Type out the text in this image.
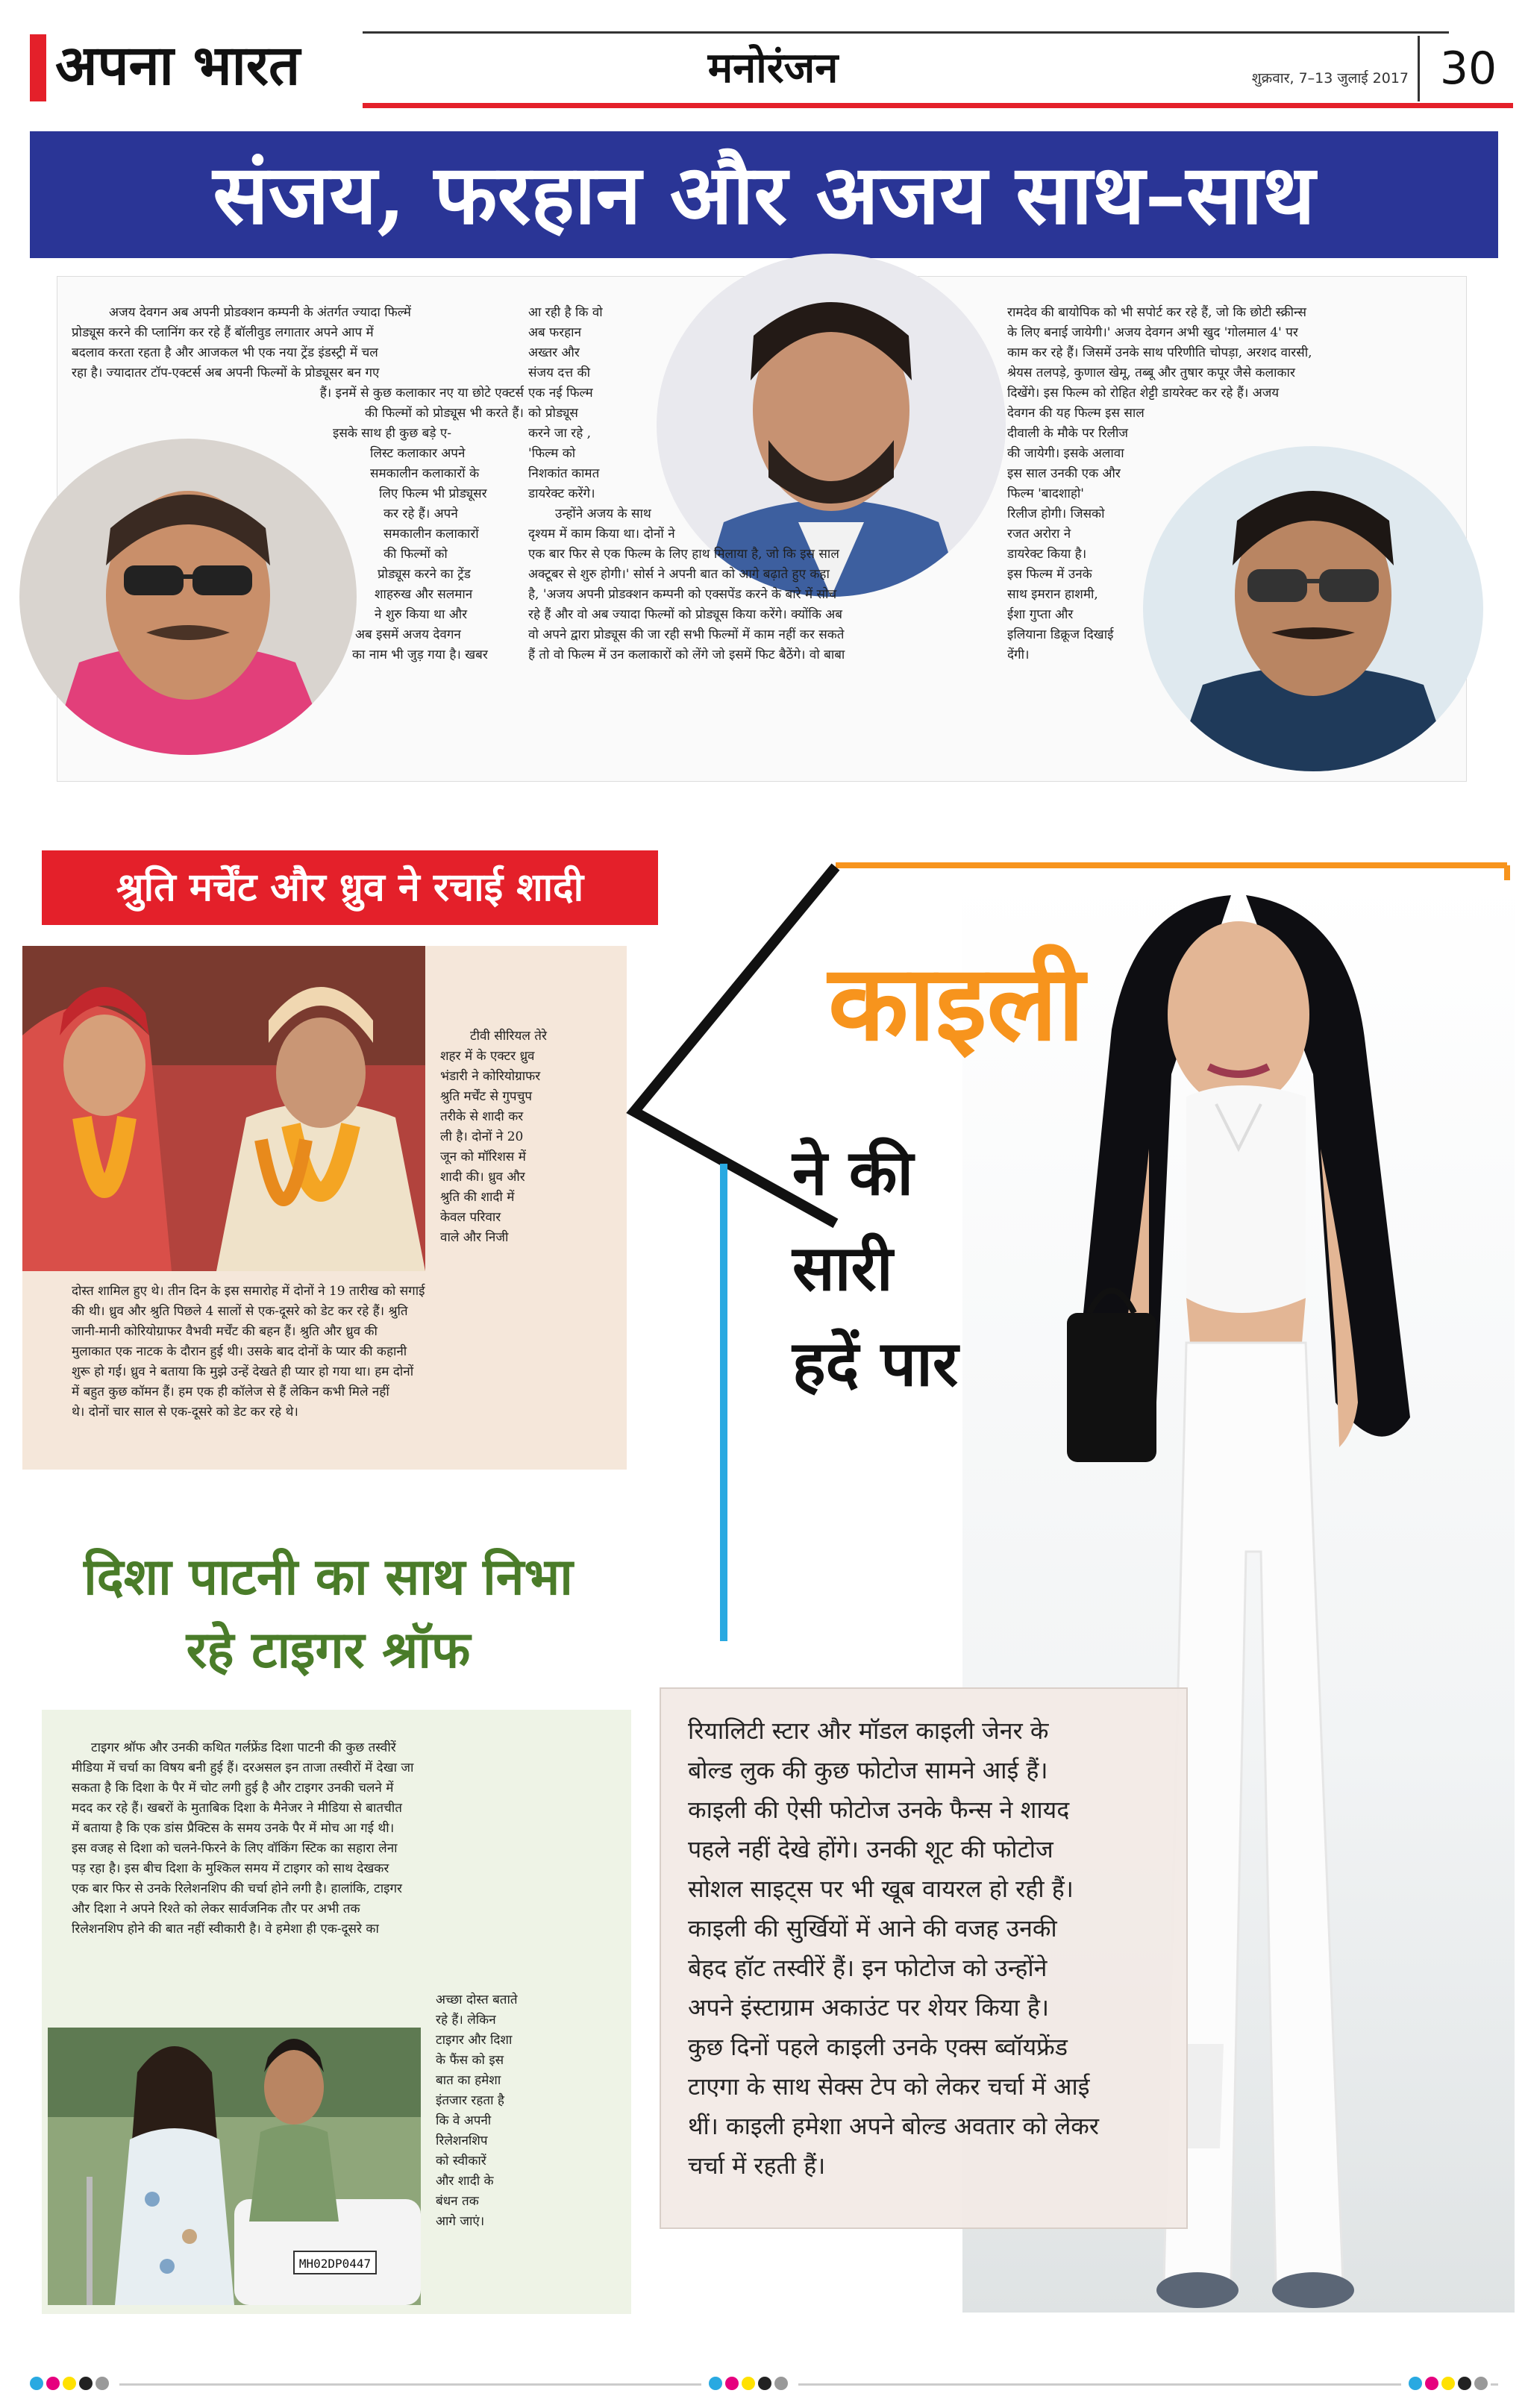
अपना भारत	मनोरंजन	शुक्रवार, 7–13 जुलाई 2017 30
संजय, फरहान और अजय साथ–साथ
अजय देवगन अब अपनी प्रोडक्शन कम्पनी के अंतर्गत ज्यादा फिल्में
प्रोड्यूस करने की प्लानिंग कर रहे हैं बॉलीवुड लगातार अपने आप में
बदलाव करता रहता है और आजकल भी एक नया ट्रेंड इंडस्ट्री में चल
रहा है। ज्यादातर टॉप-एक्टर्स अब अपनी फिल्मों के प्रोड्यूसर बन गए
हैं। इनमें से कुछ कलाकार नए या छोटे एक्टर्स
की फिल्मों को प्रोड्यूस भी करते हैं।
इसके साथ ही कुछ बड़े ए-
लिस्ट कलाकार अपने
समकालीन कलाकारों के
लिए फिल्म भी प्रोड्यूसर
कर रहे हैं। अपने
समकालीन कलाकारों
की फिल्मों को
प्रोड्यूस करने का ट्रेंड
शाहरुख और सलमान
ने शुरु किया था और
अब इसमें अजय देवगन
का नाम भी जुड़ गया है। खबर
आ रही है कि वो
अब फरहान
अख्तर और
संजय दत्त की
एक नई फिल्म
को प्रोड्यूस
करने जा रहे ,
'फिल्म को
निशकांत कामत
डायरेक्ट करेंगे।
उन्होंने अजय के साथ
दृश्यम में काम किया था। दोनों ने
एक बार फिर से एक फिल्म के लिए हाथ मिलाया है, जो कि इस साल
अक्टूबर से शुरु होगी।' सोर्स ने अपनी बात को आगे बढ़ाते हुए कहा
है, 'अजय अपनी प्रोडक्शन कम्पनी को एक्सपेंड करने के बारे में सोच
रहे हैं और वो अब ज्यादा फिल्मों को प्रोड्यूस किया करेंगे। क्योंकि अब
वो अपने द्वारा प्रोड्यूस की जा रही सभी फिल्मों में काम नहीं कर सकते
हैं तो वो फिल्म में उन कलाकारों को लेंगे जो इसमें फिट बैठेंगे। वो बाबा
रामदेव की बायोपिक को भी सपोर्ट कर रहे हैं, जो कि छोटी स्क्रीन्स
के लिए बनाई जायेगी।' अजय देवगन अभी खुद 'गोलमाल 4' पर
काम कर रहे हैं। जिसमें उनके साथ परिणीति चोपड़ा, अरशद वारसी,
श्रेयस तलपड़े, कुणाल खेमू, तब्बू और तुषार कपूर जैसे कलाकार
दिखेंगे। इस फिल्म को रोहित शेट्टी डायरेक्ट कर रहे हैं। अजय
देवगन की यह फिल्म इस साल
दीवाली के मौके पर रिलीज
की जायेगी। इसके अलावा
इस साल उनकी एक और
फिल्म 'बादशाहो'
रिलीज होगी। जिसको
रजत अरोरा ने
डायरेक्ट किया है।
इस फिल्म में उनके
साथ इमरान हाशमी,
ईशा गुप्ता और
इलियाना डिक्रूज दिखाई
देंगी।
श्रुति मर्चेंट और ध्रुव ने रचाई शादी
टीवी सीरियल तेरे
शहर में के एक्टर ध्रुव
भंडारी ने कोरियोग्राफर
श्रुति मर्चेंट से गुपचुप
तरीके से शादी कर
ली है। दोनों ने 20
जून को मॉरिशस में
शादी की। ध्रुव और
श्रुति की शादी में
केवल परिवार
वाले और निजी
दोस्त शामिल हुए थे। तीन दिन के इस समारोह में दोनों ने 19 तारीख को सगाई
की थी। ध्रुव और श्रुति पिछले 4 सालों से एक-दूसरे को डेट कर रहे हैं। श्रुति
जानी-मानी कोरियोग्राफर वैभवी मर्चेंट की बहन हैं। श्रुति और ध्रुव की
मुलाकात एक नाटक के दौरान हुई थी। उसके बाद दोनों के प्यार की कहानी
शुरू हो गई। ध्रुव ने बताया कि मुझे उन्हें देखते ही प्यार हो गया था। हम दोनों
में बहुत कुछ कॉमन हैं। हम एक ही कॉलेज से हैं लेकिन कभी मिले नहीं
थे। दोनों चार साल से एक-दूसरे को डेट कर रहे थे।
दिशा पाटनी का साथ निभा
रहे टाइगर श्रॉफ
टाइगर श्रॉफ और उनकी कथित गर्लफ्रेंड दिशा पाटनी की कुछ तस्वीरें
मीडिया में चर्चा का विषय बनी हुई हैं। दरअसल इन ताजा तस्वीरों में देखा जा
सकता है कि दिशा के पैर में चोट लगी हुई है और टाइगर उनकी चलने में
मदद कर रहे हैं। खबरों के मुताबिक दिशा के मैनेजर ने मीडिया से बातचीत
में बताया है कि एक डांस प्रैक्टिस के समय उनके पैर में मोच आ गई थी।
इस वजह से दिशा को चलने-फिरने के लिए वॉकिंग स्टिक का सहारा लेना
पड़ रहा है। इस बीच दिशा के मुश्किल समय में टाइगर को साथ देखकर
एक बार फिर से उनके रिलेशनशिप की चर्चा होने लगी है। हालांकि, टाइगर
और दिशा ने अपने रिश्ते को लेकर सार्वजनिक तौर पर अभी तक
रिलेशनशिप होने की बात नहीं स्वीकारी है। वे हमेशा ही एक-दूसरे का
MH02DP0447
अच्छा दोस्त बताते
रहे हैं। लेकिन
टाइगर और दिशा
के फैंस को इस
बात का हमेशा
इंतजार रहता है
कि वे अपनी
रिलेशनशिप
को स्वीकारें
और शादी के
बंधन तक
आगे जाएं।
काइली
ने की
सारी
हदें पार
रियालिटी स्टार और मॉडल काइली जेनर के
बोल्ड लुक की कुछ फोटोज सामने आई हैं।
काइली की ऐसी फोटोज उनके फैन्स ने शायद
पहले नहीं देखे होंगे। उनकी शूट की फोटोज
सोशल साइट्स पर भी खूब वायरल हो रही हैं।
काइली की सुर्खियों में आने की वजह उनकी
बेहद हॉट तस्वीरें हैं। इन फोटोज को उन्होंने
अपने इंस्टाग्राम अकाउंट पर शेयर किया है।
कुछ दिनों पहले काइली उनके एक्स ब्वॉयफ्रेंड
टाएगा के साथ सेक्स टेप को लेकर चर्चा में आई
थीं। काइली हमेशा अपने बोल्ड अवतार को लेकर
चर्चा में रहती हैं।
